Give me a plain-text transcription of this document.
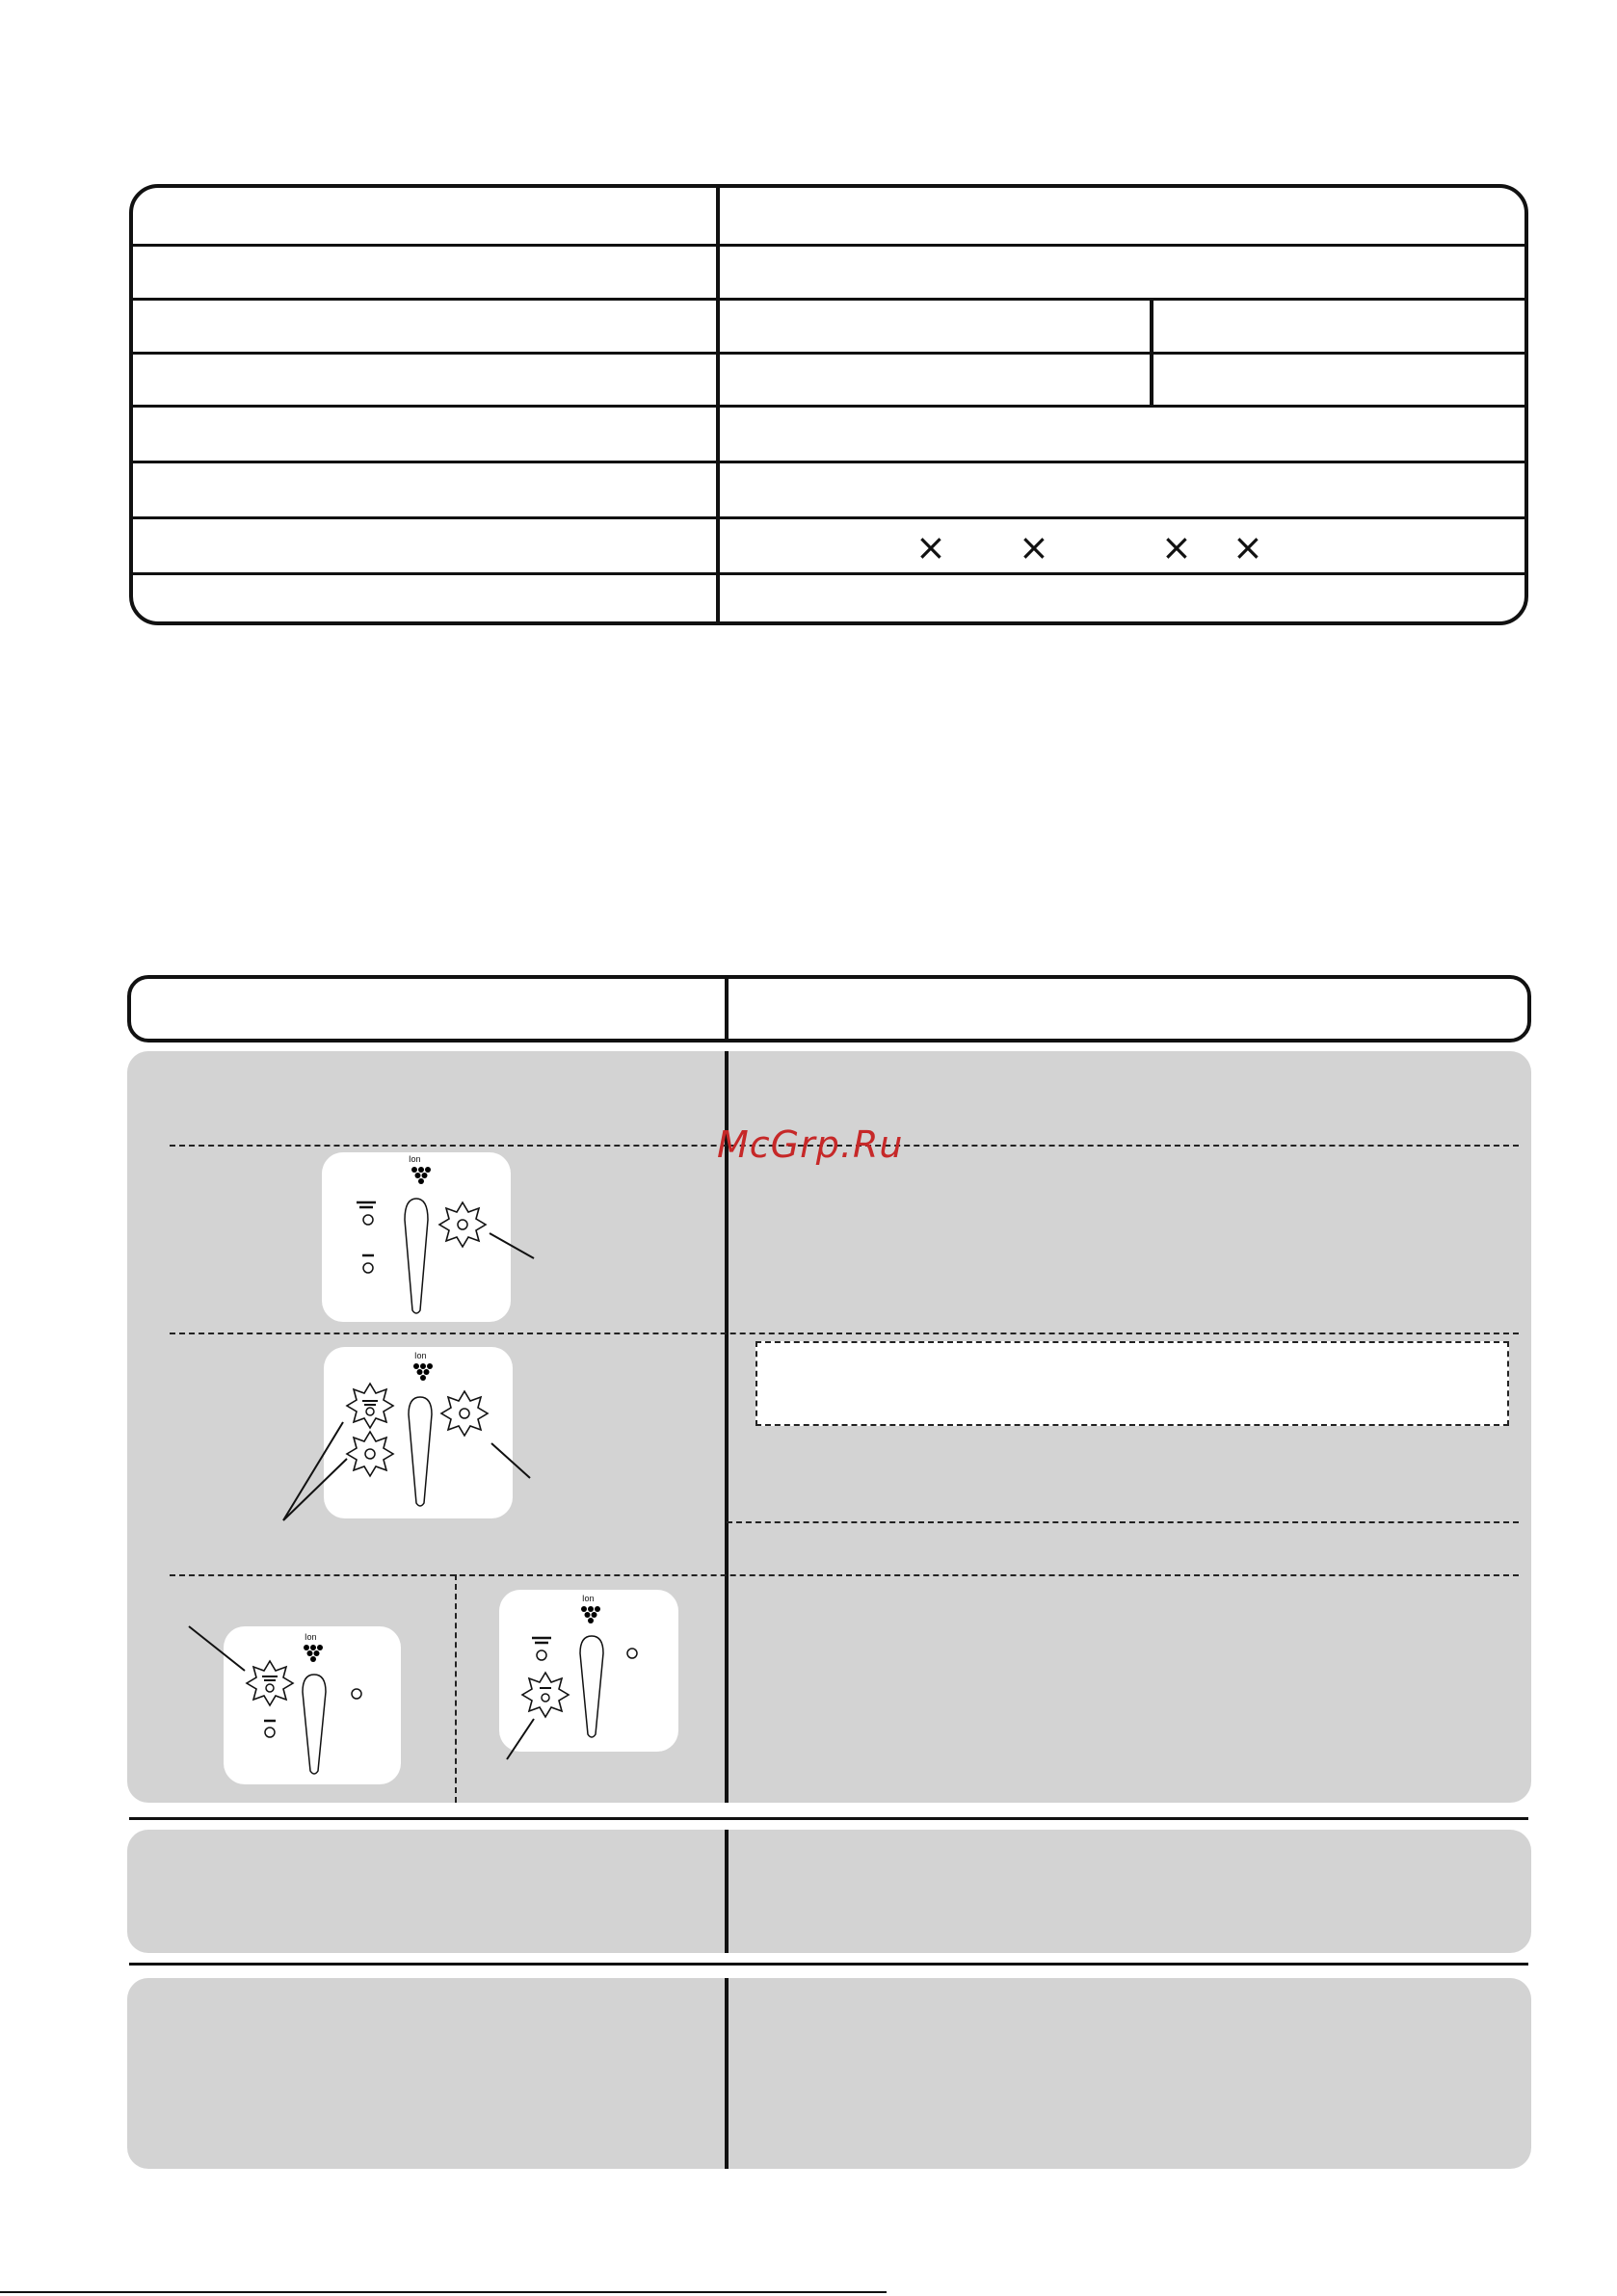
× ×	× ×
McGrp.Ru
Ion
Ion
Ion
Ion
